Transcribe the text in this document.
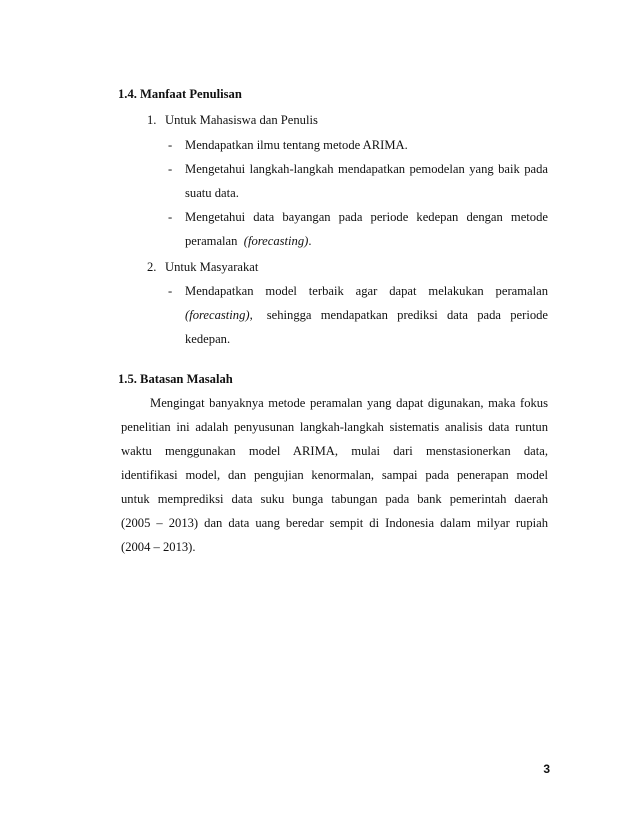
1.4. Manfaat Penulisan
1. Untuk Mahasiswa dan Penulis
- Mendapatkan ilmu tentang metode ARIMA.
- Mengetahui langkah-langkah mendapatkan pemodelan yang baik pada
suatu data.
- Mengetahui data bayangan pada periode kedepan dengan metode
peramalan (forecasting).
2. Untuk Masyarakat
- Mendapatkan model terbaik agar dapat melakukan peramalan
(forecasting), sehingga mendapatkan prediksi data pada periode
kedepan.
1.5. Batasan Masalah
Mengingat banyaknya metode peramalan yang dapat digunakan, maka fokus
penelitian ini adalah penyusunan langkah-langkah sistematis analisis data runtun
waktu menggunakan model ARIMA, mulai dari menstasionerkan data,
identifikasi model, dan pengujian kenormalan, sampai pada penerapan model
untuk memprediksi data suku bunga tabungan pada bank pemerintah daerah
(2005 – 2013) dan data uang beredar sempit di Indonesia dalam milyar rupiah
(2004 – 2013).
3
